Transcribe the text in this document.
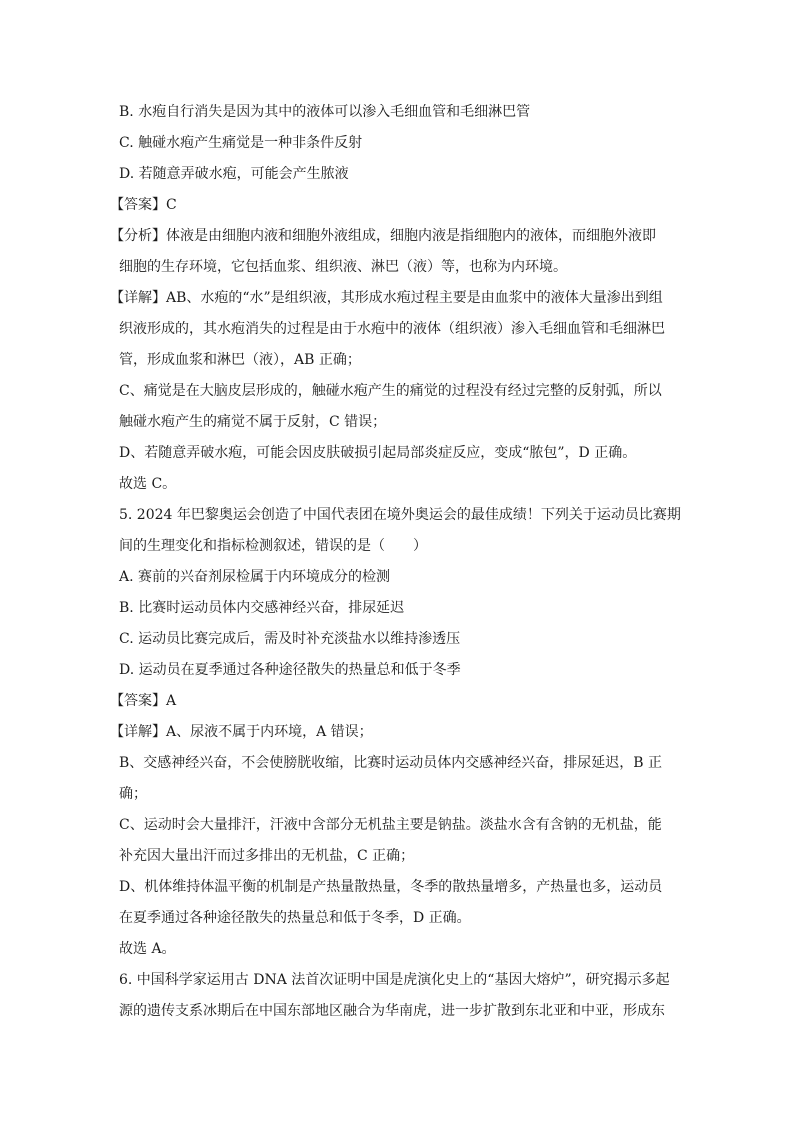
B. 水疱自行消失是因为其中的液体可以渗入毛细血管和毛细淋巴管
C. 触碰水疱产生痛觉是一种非条件反射
D. 若随意弄破水疱，可能会产生脓液
【答案】C
【分析】体液是由细胞内液和细胞外液组成，细胞内液是指细胞内的液体，而细胞外液即
细胞的生存环境，它包括血浆、组织液、淋巴（液）等，也称为内环境。
【详解】AB、水疱的“水”是组织液，其形成水疱过程主要是由血浆中的液体大量渗出到组
织液形成的，其水疱消失的过程是由于水疱中的液体（组织液）渗入毛细血管和毛细淋巴
管，形成血浆和淋巴（液），AB 正确；
C、痛觉是在大脑皮层形成的，触碰水疱产生的痛觉的过程没有经过完整的反射弧，所以
触碰水疱产生的痛觉不属于反射，C 错误；
D、若随意弄破水疱，可能会因皮肤破损引起局部炎症反应，变成“脓包”，D 正确。
故选 C。
5. 2024 年巴黎奥运会创造了中国代表团在境外奥运会的最佳成绩！下列关于运动员比赛期
间的生理变化和指标检测叙述，错误的是（　　）
A. 赛前的兴奋剂尿检属于内环境成分的检测
B. 比赛时运动员体内交感神经兴奋，排尿延迟
C. 运动员比赛完成后，需及时补充淡盐水以维持渗透压
D. 运动员在夏季通过各种途径散失的热量总和低于冬季
【答案】A
【详解】A、尿液不属于内环境，A 错误；
B、交感神经兴奋，不会使膀胱收缩，比赛时运动员体内交感神经兴奋，排尿延迟，B 正
确；
C、运动时会大量排汗，汗液中含部分无机盐主要是钠盐。淡盐水含有含钠的无机盐，能
补充因大量出汗而过多排出的无机盐，C 正确；
D、机体维持体温平衡的机制是产热量散热量，冬季的散热量增多，产热量也多，运动员
在夏季通过各种途径散失的热量总和低于冬季，D 正确。
故选 A。
6. 中国科学家运用古 DNA 法首次证明中国是虎演化史上的“基因大熔炉”，研究揭示多起
源的遗传支系冰期后在中国东部地区融合为华南虎，进一步扩散到东北亚和中亚，形成东
